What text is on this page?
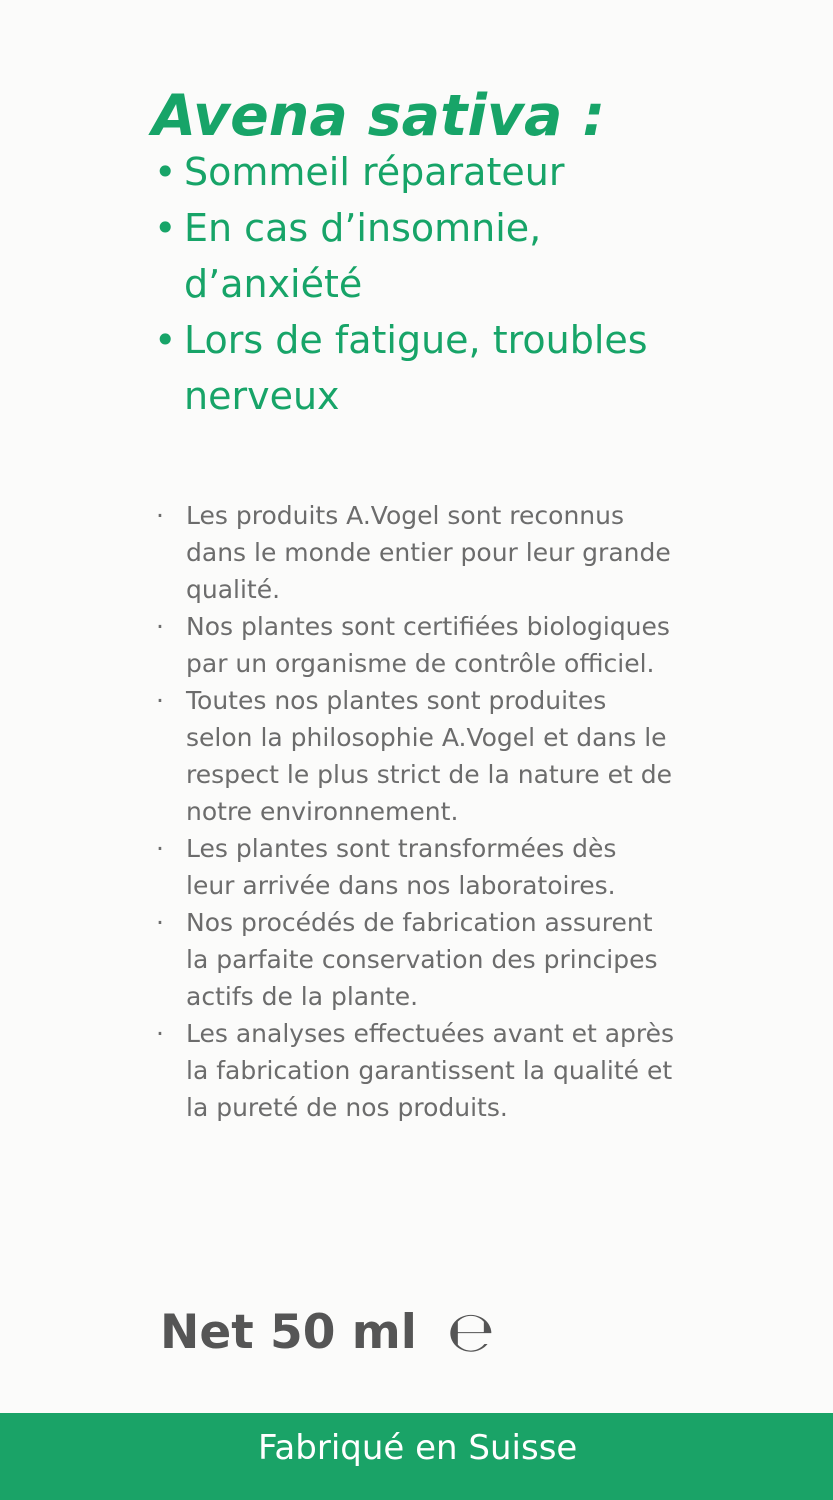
Avena sativa :
• Sommeil réparateur
• En cas d’insomnie,
d’anxiété
• Lors de fatigue, troubles
nerveux
· Les produits A.Vogel sont reconnus
dans le monde entier pour leur grande
qualité.
· Nos plantes sont certifiées biologiques
par un organisme de contrôle officiel.
· Toutes nos plantes sont produites
selon la philosophie A.Vogel et dans le
respect le plus strict de la nature et de
notre environnement.
· Les plantes sont transformées dès
leur arrivée dans nos laboratoires.
· Nos procédés de fabrication assurent
la parfaite conservation des principes
actifs de la plante.
· Les analyses effectuées avant et après
la fabrication garantissent la qualité et
la pureté de nos produits.
Net 50 ml ℮
Fabriqué en Suisse
